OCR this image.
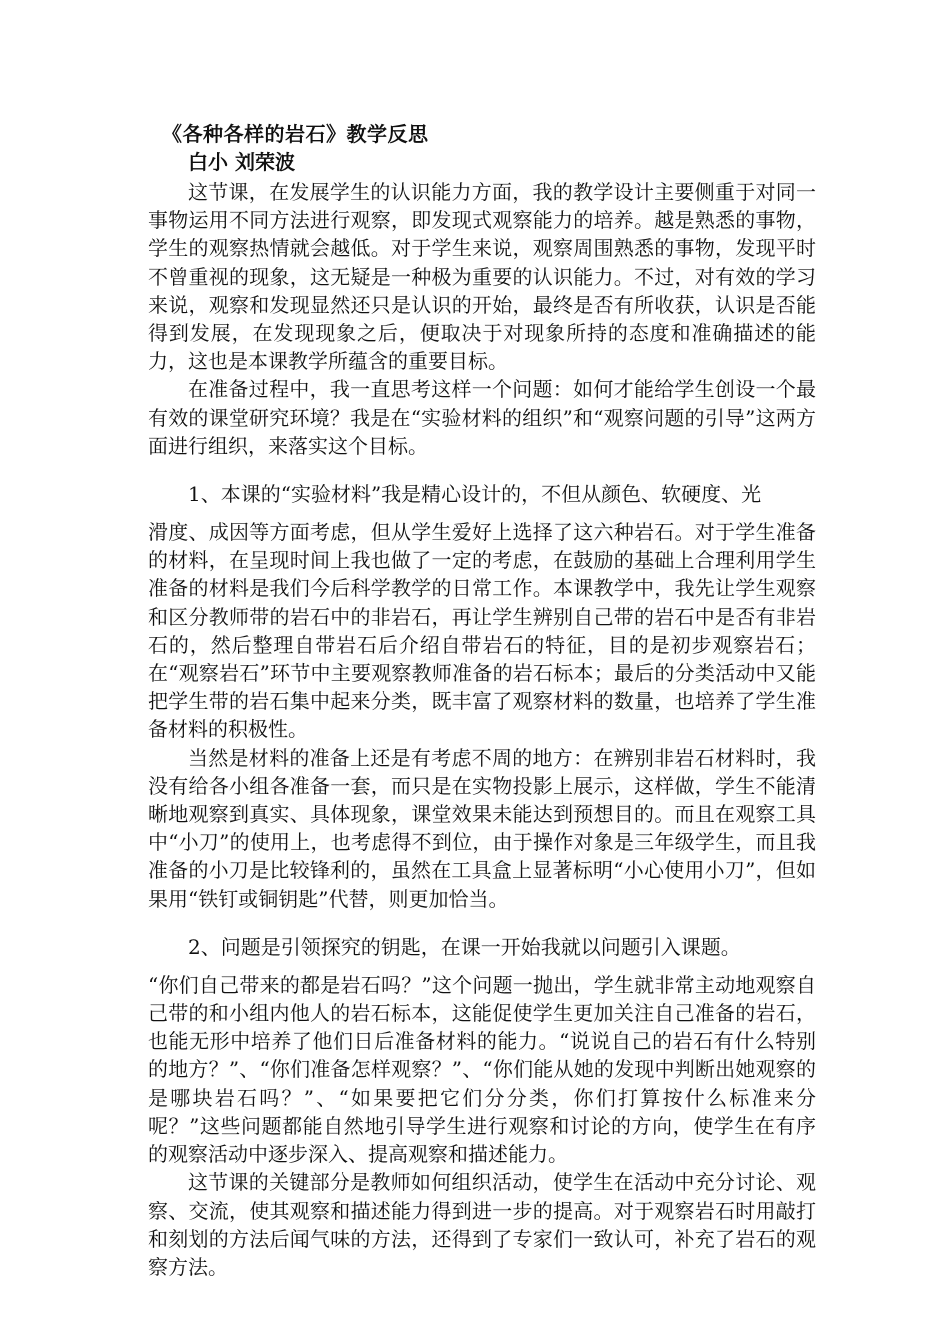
《各种各样的岩石》教学反思

白小 刘荣波

这节课，在发展学生的认识能力方面，我的教学设计主要侧重于对同一事物运用不同方法进行观察，即发现式观察能力的培养。越是熟悉的事物，学生的观察热情就会越低。对于学生来说，观察周围熟悉的事物，发现平时不曾重视的现象，这无疑是一种极为重要的认识能力。不过，对有效的学习来说，观察和发现显然还只是认识的开始，最终是否有所收获，认识是否能得到发展，在发现现象之后，便取决于对现象所持的态度和准确描述的能力，这也是本课教学所蕴含的重要目标。

在准备过程中，我一直思考这样一个问题：如何才能给学生创设一个最有效的课堂研究环境？我是在“实验材料的组织”和“观察问题的引导”这两方面进行组织，来落实这个目标。

1、本课的“实验材料”我是精心设计的，不但从颜色、软硬度、光

滑度、成因等方面考虑，但从学生爱好上选择了这六种岩石。对于学生准备的材料，在呈现时间上我也做了一定的考虑，在鼓励的基础上合理利用学生准备的材料是我们今后科学教学的日常工作。本课教学中，我先让学生观察和区分教师带的岩石中的非岩石，再让学生辨别自己带的岩石中是否有非岩石的，然后整理自带岩石后介绍自带岩石的特征，目的是初步观察岩石；在“观察岩石”环节中主要观察教师准备的岩石标本；最后的分类活动中又能把学生带的岩石集中起来分类，既丰富了观察材料的数量，也培养了学生准备材料的积极性。

当然是材料的准备上还是有考虑不周的地方：在辨别非岩石材料时，我没有给各小组各准备一套，而只是在实物投影上展示，这样做，学生不能清晰地观察到真实、具体现象，课堂效果未能达到预想目的。而且在观察工具中“小刀”的使用上，也考虑得不到位，由于操作对象是三年级学生，而且我准备的小刀是比较锋利的，虽然在工具盒上显著标明“小心使用小刀”，但如果用“铁钉或铜钥匙”代替，则更加恰当。

2、问题是引领探究的钥匙，在课一开始我就以问题引入课题。

“你们自己带来的都是岩石吗？”这个问题一抛出，学生就非常主动地观察自己带的和小组内他人的岩石标本，这能促使学生更加关注自己准备的岩石，也能无形中培养了他们日后准备材料的能力。“说说自己的岩石有什么特别的地方？”、“你们准备怎样观察？”、“你们能从她的发现中判断出她观察的是哪块岩石吗？”、“如果要把它们分分类，你们打算按什么标准来分呢？”这些问题都能自然地引导学生进行观察和讨论的方向，使学生在有序的观察活动中逐步深入、提高观察和描述能力。

这节课的关键部分是教师如何组织活动，使学生在活动中充分讨论、观察、交流，使其观察和描述能力得到进一步的提高。对于观察岩石时用敲打和刻划的方法后闻气味的方法，还得到了专家们一致认可，补充了岩石的观察方法。
